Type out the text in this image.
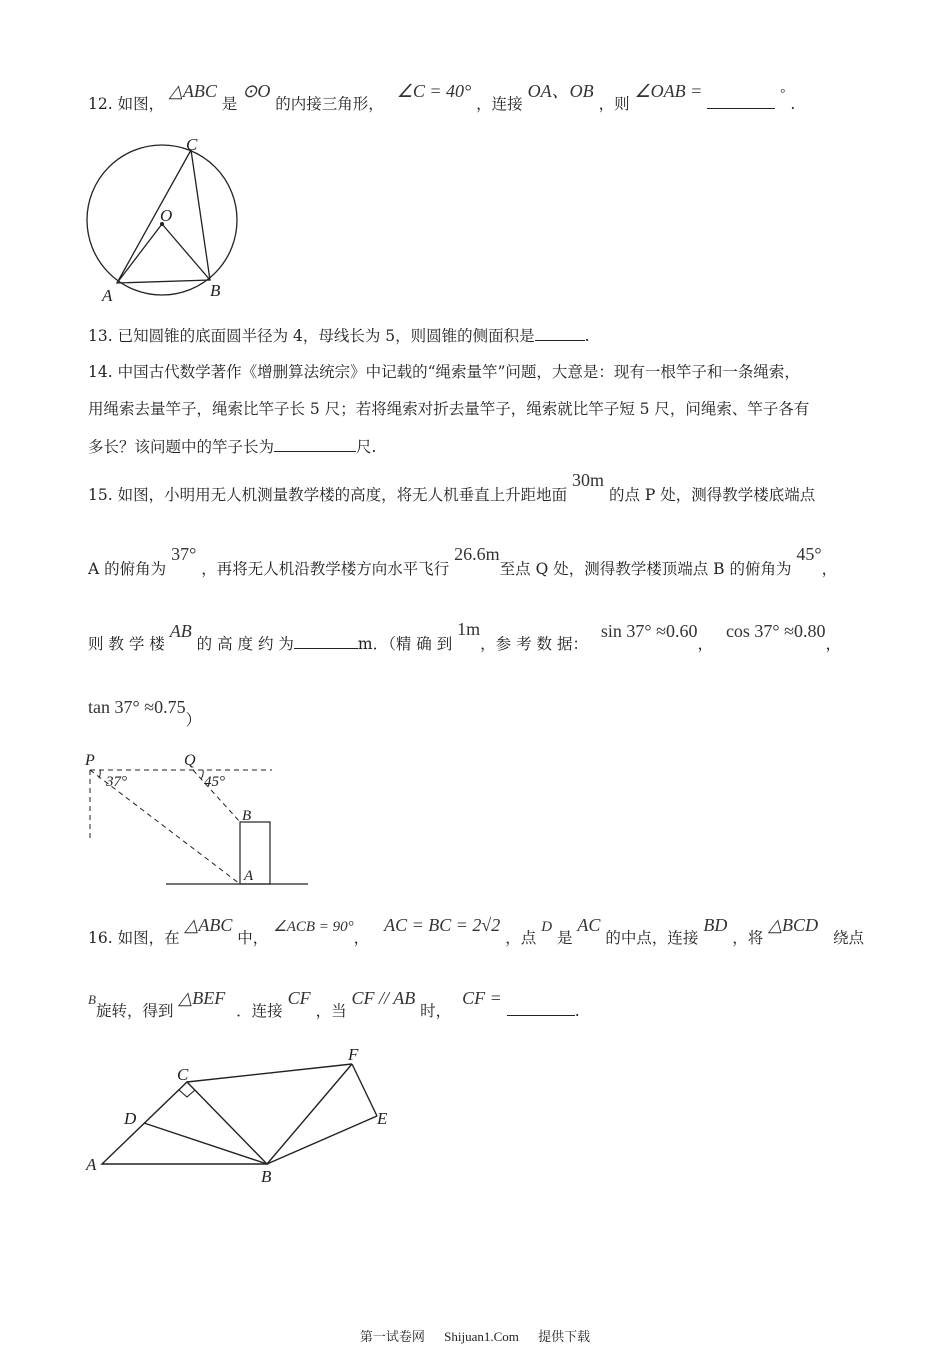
12. 如图， △ABC 是 ⊙O 的内接三角形， ∠C = 40° ，连接 OA、OB ，则 ∠OAB =	° .
C
O
A	B
13. 已知圆锥的底面圆半径为 4，母线长为 5，则圆锥的侧面积是	.
14. 中国古代数学著作《增删算法统宗》中记载的“绳索量竿”问题，大意是：现有一根竿子和一条绳索，
用绳索去量竿子，绳索比竿子长 5 尺；若将绳索对折去量竿子，绳索就比竿子短 5 尺，问绳索、竿子各有
多长？该问题中的竿子长为	尺.
15. 如图，小明用无人机测量教学楼的高度，将无人机垂直上升距地面 30m 的点 P 处，测得教学楼底端点
A 的俯角为 37° ，再将无人机沿教学楼方向水平飞行 26.6m至点 Q 处，测得教学楼顶端点 B 的俯角为 45°，
则 教 学 楼 AB 的 高 度 约 为	m．（精 确 到 1m，参 考 数 据： sin 37° ≈0.60， cos 37° ≈0.80，
tan 37° ≈0.75）
P	Q
B
A
37°	45°
16. 如图，在 △ABC 中， ∠ACB = 90°， AC = BC = 2√2 ，点 D 是 AC 的中点，连接 BD ，将 △BCD 绕点
$^B$旋转，得到 △BEF ．连接 CF ，当 CF // AB 时， CF = .
C
F
D	E
A
B
第一试卷网 Shijuan1.Com 提供下载
